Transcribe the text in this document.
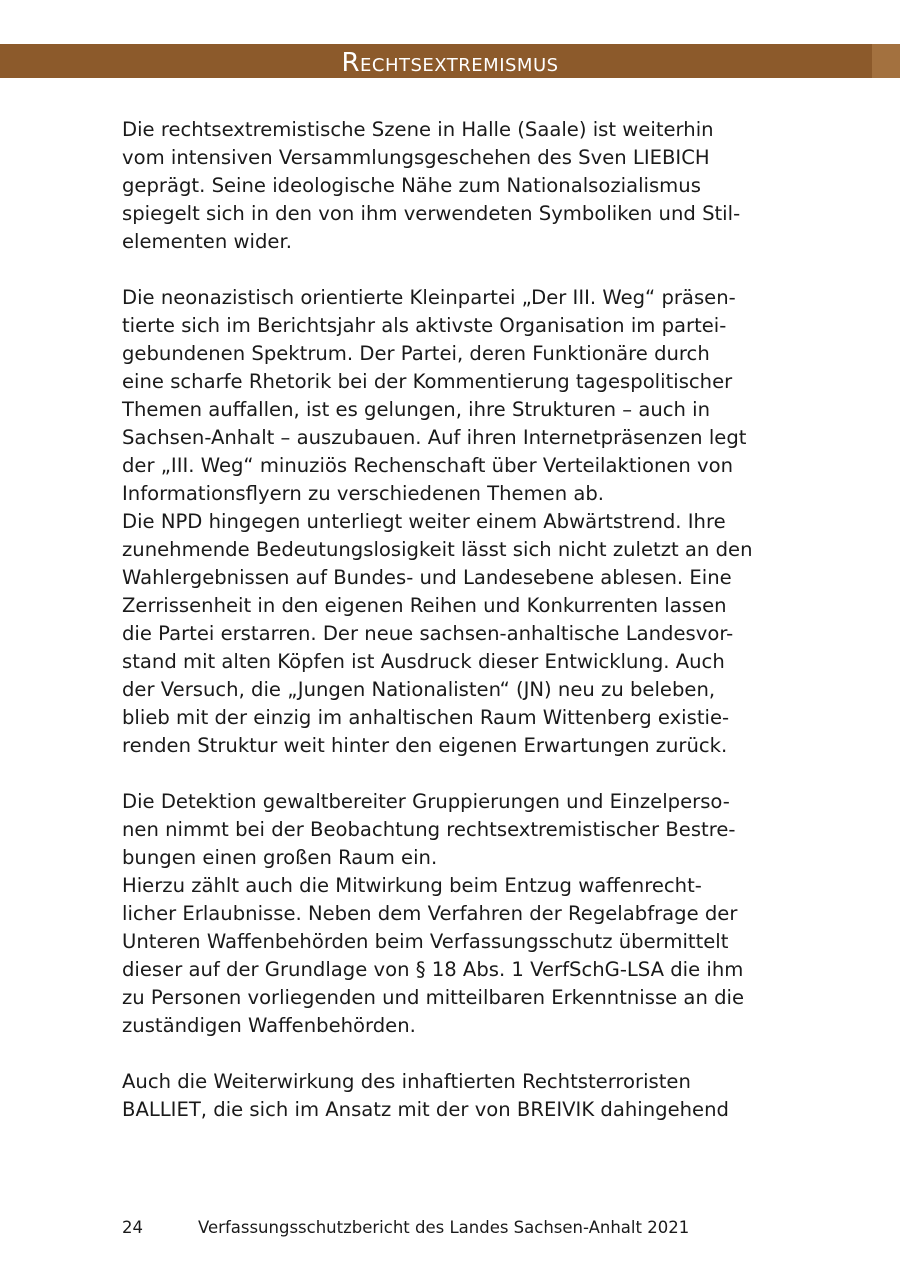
Rechtsextremismus
Die rechtsextremistische Szene in Halle (Saale) ist weiterhin
vom intensiven Versammlungsgeschehen des Sven LIEBICH
geprägt. Seine ideologische Nähe zum Nationalsozialismus
spiegelt sich in den von ihm verwendeten Symboliken und Stil-
elementen wider.
Die neonazistisch orientierte Kleinpartei „Der III. Weg“ präsen-
tierte sich im Berichtsjahr als aktivste Organisation im partei-
gebundenen Spektrum. Der Partei, deren Funktionäre durch
eine scharfe Rhetorik bei der Kommentierung tagespolitischer
Themen auffallen, ist es gelungen, ihre Strukturen – auch in
Sachsen-Anhalt – auszubauen. Auf ihren Internetpräsenzen legt
der „III. Weg“ minuziös Rechenschaft über Verteilaktionen von
Informationsflyern zu verschiedenen Themen ab.
Die NPD hingegen unterliegt weiter einem Abwärtstrend. Ihre
zunehmende Bedeutungslosigkeit lässt sich nicht zuletzt an den
Wahlergebnissen auf Bundes- und Landesebene ablesen. Eine
Zerrissenheit in den eigenen Reihen und Konkurrenten lassen
die Partei erstarren. Der neue sachsen-anhaltische Landesvor-
stand mit alten Köpfen ist Ausdruck dieser Entwicklung. Auch
der Versuch, die „Jungen Nationalisten“ (JN) neu zu beleben,
blieb mit der einzig im anhaltischen Raum Wittenberg existie-
renden Struktur weit hinter den eigenen Erwartungen zurück.
Die Detektion gewaltbereiter Gruppierungen und Einzelperso-
nen nimmt bei der Beobachtung rechtsextremistischer Bestre-
bungen einen großen Raum ein.
Hierzu zählt auch die Mitwirkung beim Entzug waffenrecht-
licher Erlaubnisse. Neben dem Verfahren der Regelabfrage der
Unteren Waffenbehörden beim Verfassungsschutz übermittelt
dieser auf der Grundlage von § 18 Abs. 1 VerfSchG-LSA die ihm
zu Personen vorliegenden und mitteilbaren Erkenntnisse an die
zuständigen Waffenbehörden.
Auch die Weiterwirkung des inhaftierten Rechtsterroristen
BALLIET, die sich im Ansatz mit der von BREIVIK dahingehend
24	Verfassungsschutzbericht des Landes Sachsen-Anhalt 2021
